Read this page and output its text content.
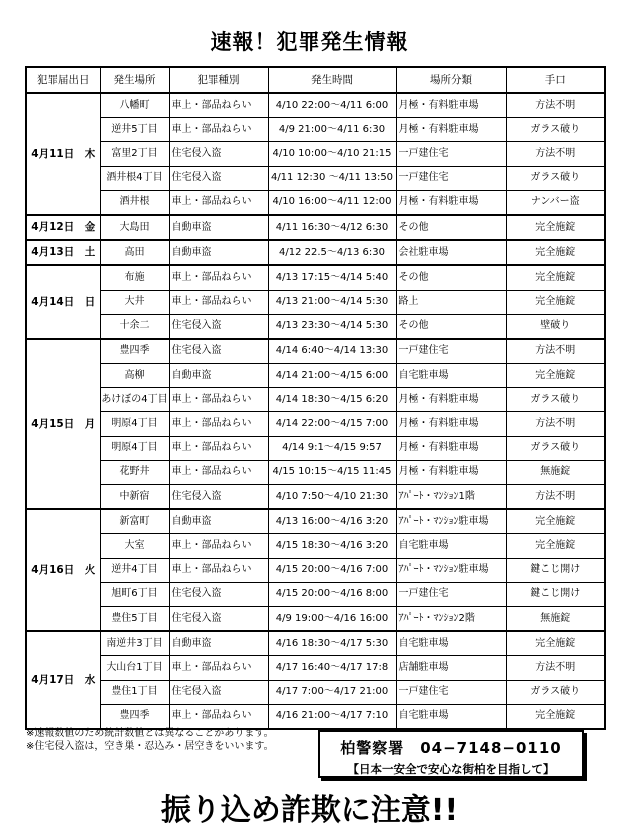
速報！犯罪発生情報
犯罪届出日	発生場所	犯罪種別	発生時間	場所分類	手口
4月11日　木	八幡町	車上・部品ねらい	4/10 22:00～4/11 6:00	月極・有料駐車場	方法不明
	逆井5丁目	車上・部品ねらい	4/9 21:00～4/11 6:30	月極・有料駐車場	ガラス破り
	富里2丁目	住宅侵入盗	4/10 10:00～4/10 21:15	一戸建住宅	方法不明
	酒井根4丁目	住宅侵入盗	4/11 12:30 ～4/11 13:50	一戸建住宅	ガラス破り
	酒井根	車上・部品ねらい	4/10 16:00～4/11 12:00	月極・有料駐車場	ナンバー盗
4月12日　金	大島田	自動車盗	4/11 16:30～4/12 6:30	その他	完全施錠
4月13日　土	高田	自動車盗	4/12 22.5～4/13 6:30	会社駐車場	完全施錠
4月14日　日	布施	車上・部品ねらい	4/13 17:15～4/14 5:40	その他	完全施錠
	大井	車上・部品ねらい	4/13 21:00～4/14 5:30	路上	完全施錠
	十余二	住宅侵入盗	4/13 23:30～4/14 5:30	その他	壁破り
4月15日　月	豊四季	住宅侵入盗	4/14 6:40～4/14 13:30	一戸建住宅	方法不明
	高柳	自動車盗	4/14 21:00～4/15 6:00	自宅駐車場	完全施錠
	あけぼの4丁目	車上・部品ねらい	4/14 18:30～4/15 6:20	月極・有料駐車場	ガラス破り
	明原4丁目	車上・部品ねらい	4/14 22:00～4/15 7:00	月極・有料駐車場	方法不明
	明原4丁目	車上・部品ねらい	4/14 9:1～4/15 9:57	月極・有料駐車場	ガラス破り
	花野井	車上・部品ねらい	4/15 10:15～4/15 11:45	月極・有料駐車場	無施錠
	中新宿	住宅侵入盗	4/10 7:50～4/10 21:30	ｱﾊﾟｰﾄ・ﾏﾝｼｮﾝ1階	方法不明
4月16日　火	新富町	自動車盗	4/13 16:00～4/16 3:20	ｱﾊﾟｰﾄ・ﾏﾝｼｮﾝ駐車場	完全施錠
	大室	車上・部品ねらい	4/15 18:30～4/16 3:20	自宅駐車場	完全施錠
	逆井4丁目	車上・部品ねらい	4/15 20:00～4/16 7:00	ｱﾊﾟｰﾄ・ﾏﾝｼｮﾝ駐車場	鍵こじ開け
	旭町6丁目	住宅侵入盗	4/15 20:00～4/16 8:00	一戸建住宅	鍵こじ開け
	豊住5丁目	住宅侵入盗	4/9 19:00～4/16 16:00	ｱﾊﾟｰﾄ・ﾏﾝｼｮﾝ2階	無施錠
4月17日　水	南逆井3丁目	自動車盗	4/16 18:30～4/17 5:30	自宅駐車場	完全施錠
	大山台1丁目	車上・部品ねらい	4/17 16:40～4/17 17:8	店舗駐車場	方法不明
	豊住1丁目	住宅侵入盗	4/17 7:00～4/17 21:00	一戸建住宅	ガラス破り
	豊四季	車上・部品ねらい	4/16 21:00～4/17 7:10	自宅駐車場	完全施錠
※速報数値のため統計数値とは異なることがあります。
※住宅侵入盗は，空き巣・忍込み・居空きをいいます。	柏警察署　04−7148−0110
【日本一安全で安心な街柏を目指して】
振り込め詐欺に注意!!
